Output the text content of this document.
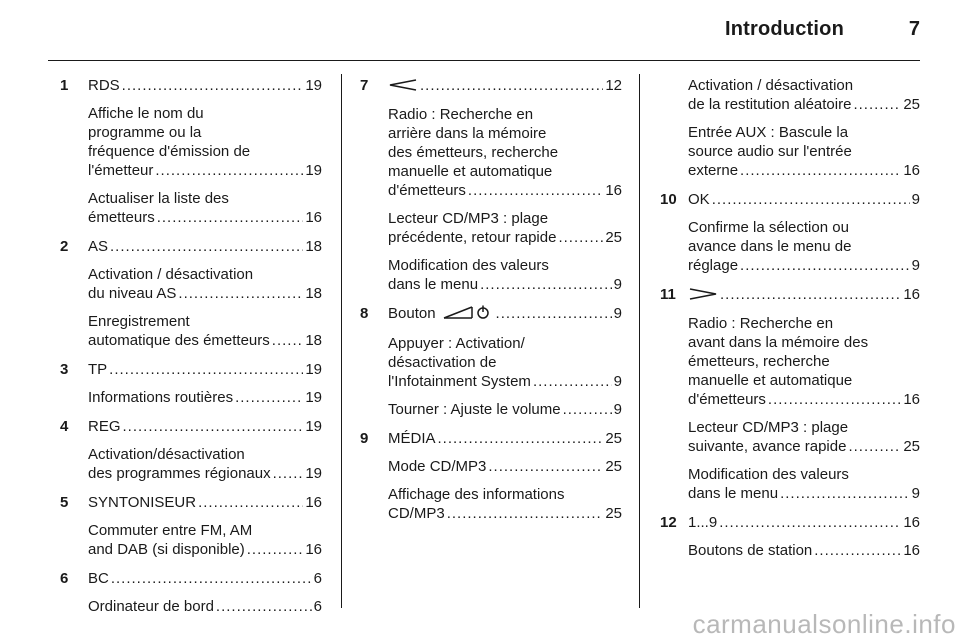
Introduction	7
1	RDS .....	19
Affiche le nom du
programme ou la
fréquence d'émission de
l'émetteur .....	19
Actualiser la liste des
émetteurs .....	16
2	AS .....	18
Activation / désactivation
du niveau AS .....	18
Enregistrement
automatique des émetteurs ..... 18
3	TP .....	19
Informations routières .....	19
4	REG .....	19
Activation/désactivation
des programmes régionaux ..... 19
5	SYNTONISEUR .....	16
Commuter entre FM, AM
and DAB (si disponible) .....	16
6	BC .....	6
Ordinateur de bord .....	6
7 .....	12
Radio : Recherche en
arrière dans la mémoire
des émetteurs, recherche
manuelle et automatique
d'émetteurs .....	16
Lecteur CD/MP3 : plage
précédente, retour rapide .....	25
Modification des valeurs
dans le menu .....	9
8	Bouton .....	9
Appuyer : Activation/
désactivation de
l'Infotainment System .....	9
Tourner : Ajuste le volume .....	9
9	MÉDIA .....	25
Mode CD/MP3 .....	25
Affichage des informations
CD/MP3 .....	25
Activation / désactivation
de la restitution aléatoire .....	25
Entrée AUX : Bascule la
source audio sur l'entrée
externe .....	16
10 OK .....	9
Confirme la sélection ou
avance dans le menu de
réglage .....	9
11 .....	16
Radio : Recherche en
avant dans la mémoire des
émetteurs, recherche
manuelle et automatique
d'émetteurs .....	16
Lecteur CD/MP3 : plage
suivante, avance rapide .....	25
Modification des valeurs
dans le menu .....	9
12 1...9 .....	16
Boutons de station .....	16
carmanualsonline.info
